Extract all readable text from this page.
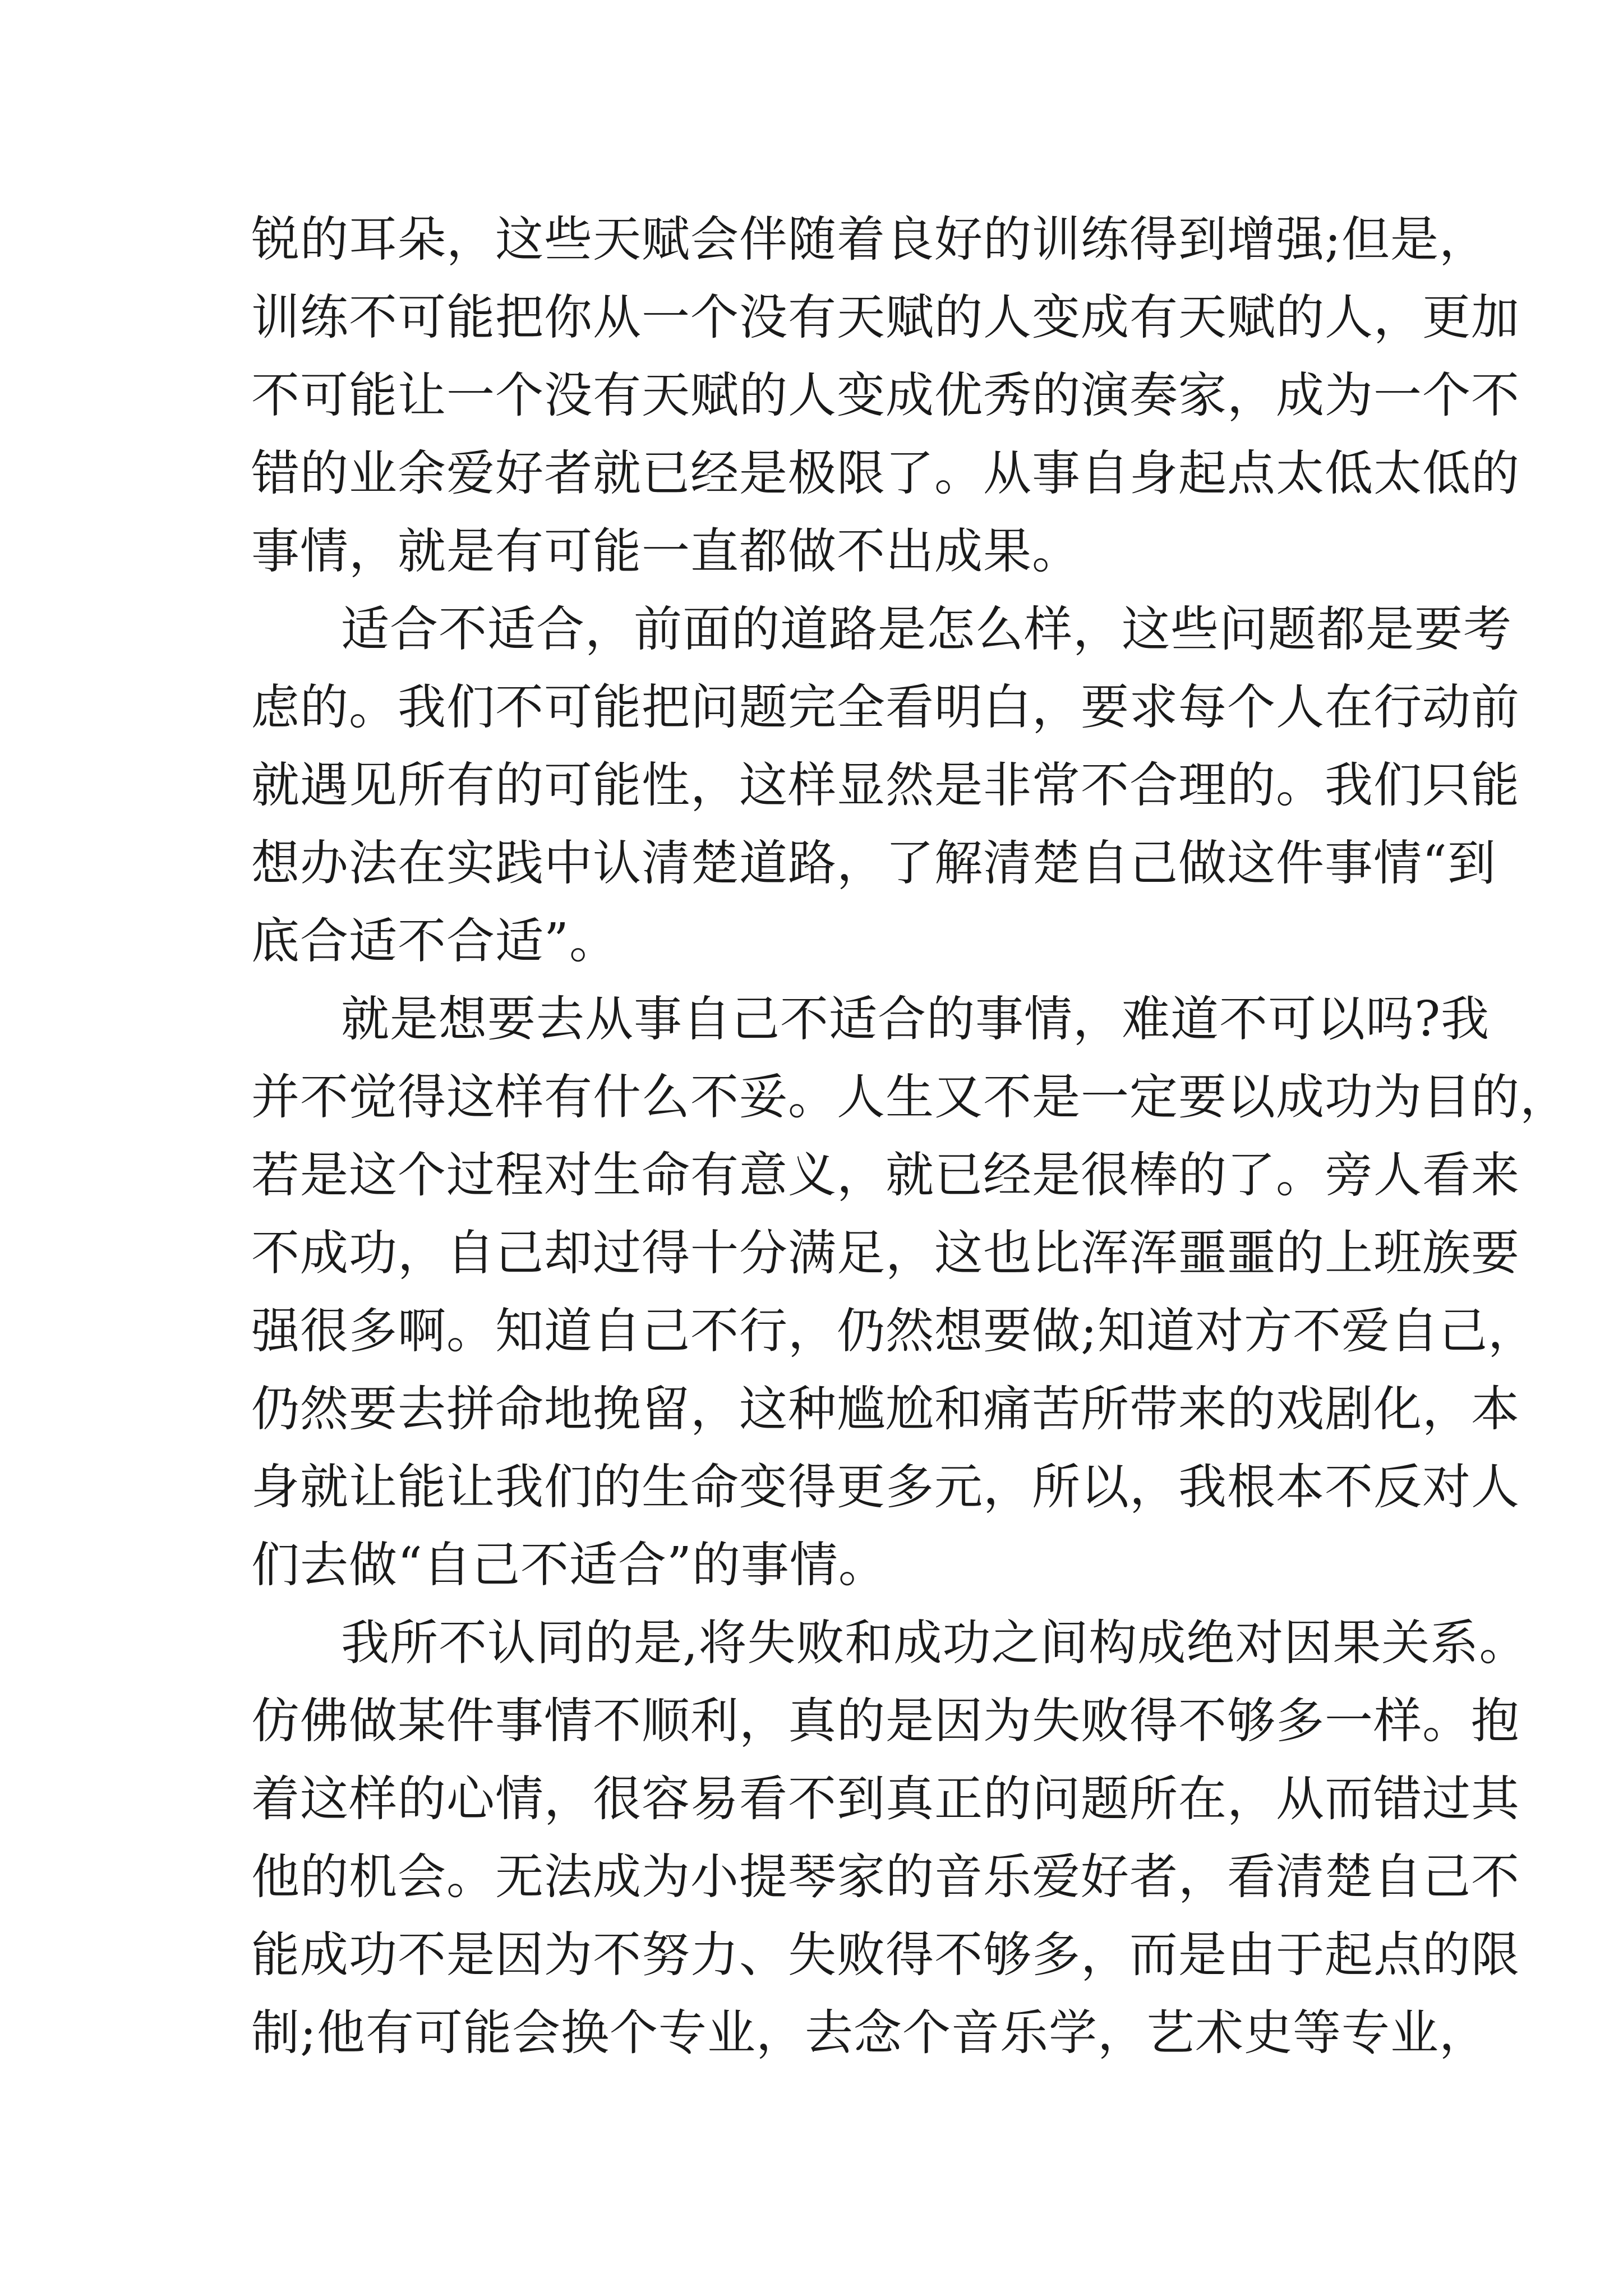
锐的耳朵，这些天赋会伴随着良好的训练得到增强;但是，
训练不可能把你从一个没有天赋的人变成有天赋的人，更加
不可能让一个没有天赋的人变成优秀的演奏家，成为一个不
错的业余爱好者就已经是极限了。从事自身起点太低太低的
事情，就是有可能一直都做不出成果。

适合不适合，前面的道路是怎么样，这些问题都是要考
虑的。我们不可能把问题完全看明白，要求每个人在行动前
就遇见所有的可能性，这样显然是非常不合理的。我们只能
想办法在实践中认清楚道路，了解清楚自己做这件事情“到
底合适不合适”。

就是想要去从事自己不适合的事情，难道不可以吗?我
并不觉得这样有什么不妥。人生又不是一定要以成功为目的，
若是这个过程对生命有意义，就已经是很棒的了。旁人看来
不成功，自己却过得十分满足，这也比浑浑噩噩的上班族要
强很多啊。知道自己不行，仍然想要做;知道对方不爱自己，
仍然要去拼命地挽留，这种尴尬和痛苦所带来的戏剧化，本
身就让能让我们的生命变得更多元，所以，我根本不反对人
们去做“自己不适合”的事情。

我所不认同的是,将失败和成功之间构成绝对因果关系。
仿佛做某件事情不顺利，真的是因为失败得不够多一样。抱
着这样的心情，很容易看不到真正的问题所在，从而错过其
他的机会。无法成为小提琴家的音乐爱好者，看清楚自己不
能成功不是因为不努力、失败得不够多，而是由于起点的限
制;他有可能会换个专业，去念个音乐学，艺术史等专业，
